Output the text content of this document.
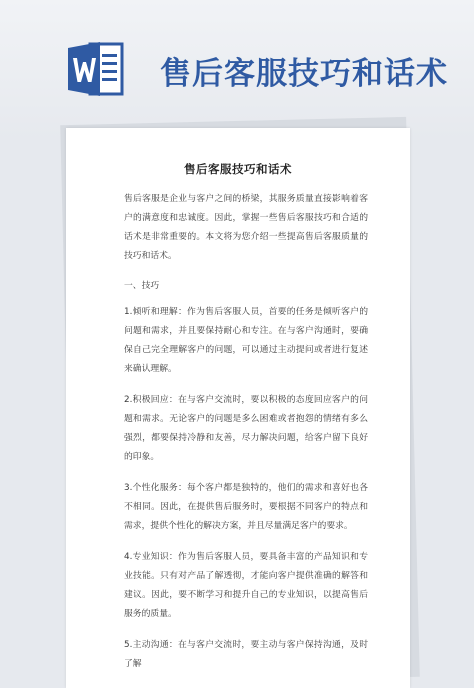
售后客服技巧和话术
售后客服技巧和话术
售后客服是企业与客户之间的桥梁，其服务质量直接影响着客户的满意度和忠诚度。因此，掌握一些售后客服技巧和合适的话术是非常重要的。本文将为您介绍一些提高售后客服质量的技巧和话术。
一、技巧
1.倾听和理解：作为售后客服人员，首要的任务是倾听客户的问题和需求，并且要保持耐心和专注。在与客户沟通时，要确保自己完全理解客户的问题，可以通过主动提问或者进行复述来确认理解。
2.积极回应：在与客户交流时，要以积极的态度回应客户的问题和需求。无论客户的问题是多么困难或者抱怨的情绪有多么强烈，都要保持冷静和友善，尽力解决问题，给客户留下良好的印象。
3.个性化服务：每个客户都是独特的，他们的需求和喜好也各不相同。因此，在提供售后服务时，要根据不同客户的特点和需求，提供个性化的解决方案，并且尽量满足客户的要求。
4.专业知识：作为售后客服人员，要具备丰富的产品知识和专业技能。只有对产品了解透彻，才能向客户提供准确的解答和建议。因此，要不断学习和提升自己的专业知识，以提高售后服务的质量。
5.主动沟通：在与客户交流时，要主动与客户保持沟通，及时了解
